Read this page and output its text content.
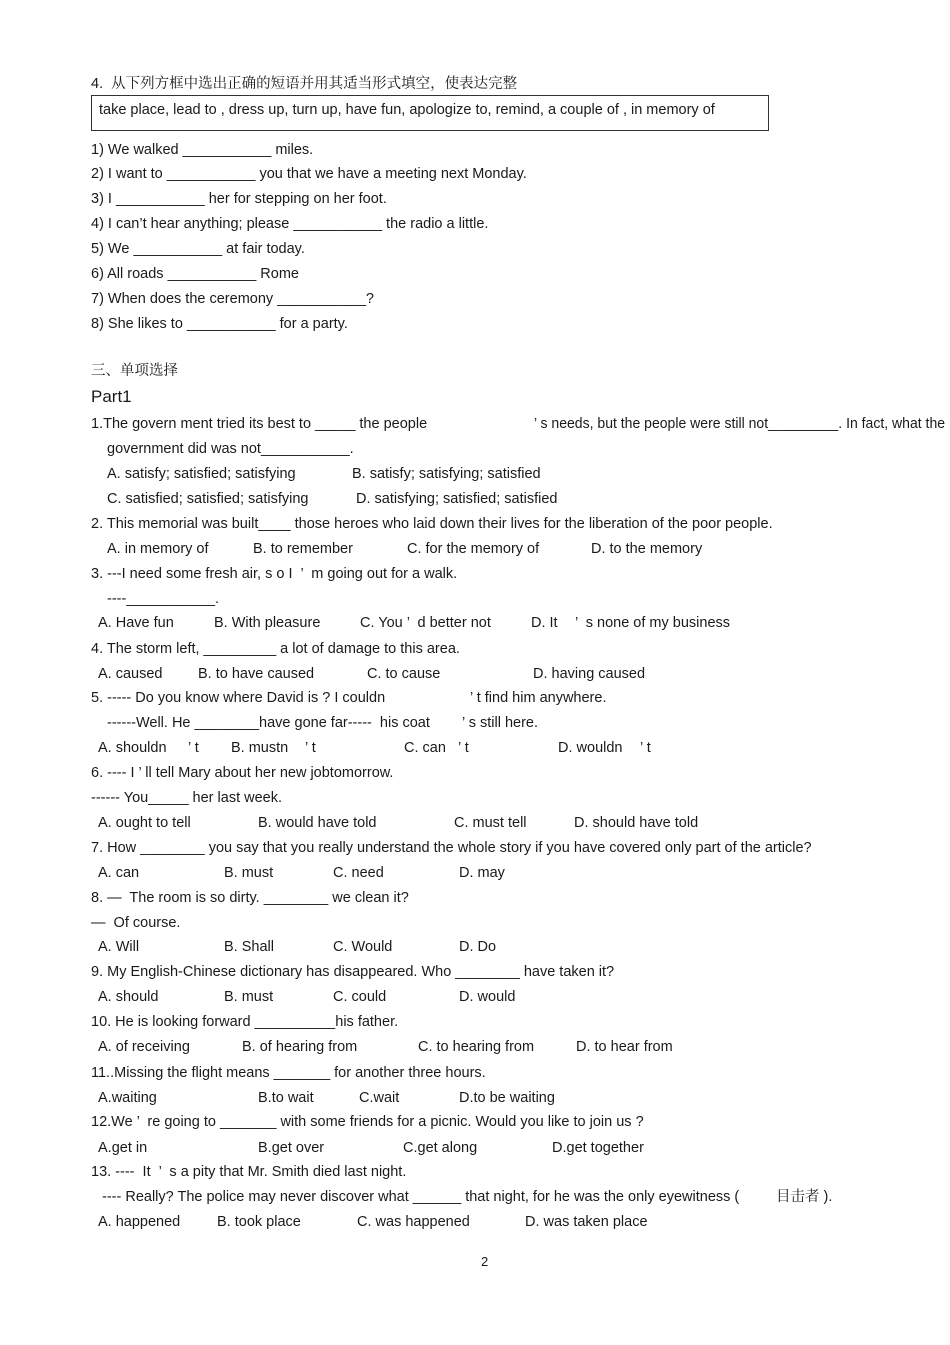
4.  从下列方框中选出正确的短语并用其适当形式填空，使表达完整
take place, lead to , dress up, turn up, have fun, apologize to, remind, a couple of , in memory of
1) We walked ___________ miles.
2) I want to ___________ you that we have a meeting next Monday.
3) I ___________ her for stepping on her foot.
4) I can’t hear anything; please ___________ the radio a little.
5) We ___________ at fair today.
6) All roads ___________ Rome
7) When does the ceremony ___________?
8) She likes to ___________ for a party.
三、单项选择
Part1
1.The govern ment tried its best to _____ the people	’ s needs, but the people were still not_________. In fact, what the
government did was not___________.
A. satisfy; satisfied; satisfying	B. satisfy; satisfying; satisfied
C. satisfied; satisfied; satisfying	D. satisfying; satisfied; satisfied
2. This memorial was built____ those heroes who laid down their lives for the liberation of the poor people.
A. in memory of	B. to remember	C. for the memory of	D. to the memory
3. ---I need some fresh air, s o I  ’  m going out for a walk.
----___________.
A. Have fun	B. With pleasure	C. You ’  d better not	D. It ’  s none of my business
4. The storm left, _________ a lot of damage to this area.
A. caused B. to have caused	C. to cause	D. having caused
5. ----- Do you know where David is ? I couldn	’ t find him anywhere.
------Well. He ________have gone far-----  his coat ’ s still here.
A. shouldn ’ t B. mustn ’ t	C. can ’ t	D. wouldn ’ t
6. ---- I ’ ll tell Mary about her new jobtomorrow.
------ You_____ her last week.
A. ought to tell	B. would have told	C. must tell	D. should have told
7. How ________ you say that you really understand the whole story if you have covered only part of the article?
A. can	B. must	C. need	D. may
8. —  The room is so dirty. ________ we clean it?
—  Of course.
A. Will	B. Shall	C. Would	D. Do
9. My English-Chinese dictionary has disappeared. Who ________ have taken it?
A. should	B. must	C. could	D. would
10. He is looking forward __________his father.
A. of receiving	B. of hearing from	C. to hearing from	D. to hear from
11..Missing the flight means _______ for another three hours.
A.waiting	B.to wait	C.wait	D.to be waiting
12.We ’  re going to _______ with some friends for a picnic. Would you like to join us ?
A.get in	B.get over	C.get along	D.get together
13. ----  It  ’  s a pity that Mr. Smith died last night.
---- Really? The police may never discover what ______ that night, for he was the only eyewitness (	目击者 ).
A. happened	B. took place	C. was happened	D. was taken place
2
